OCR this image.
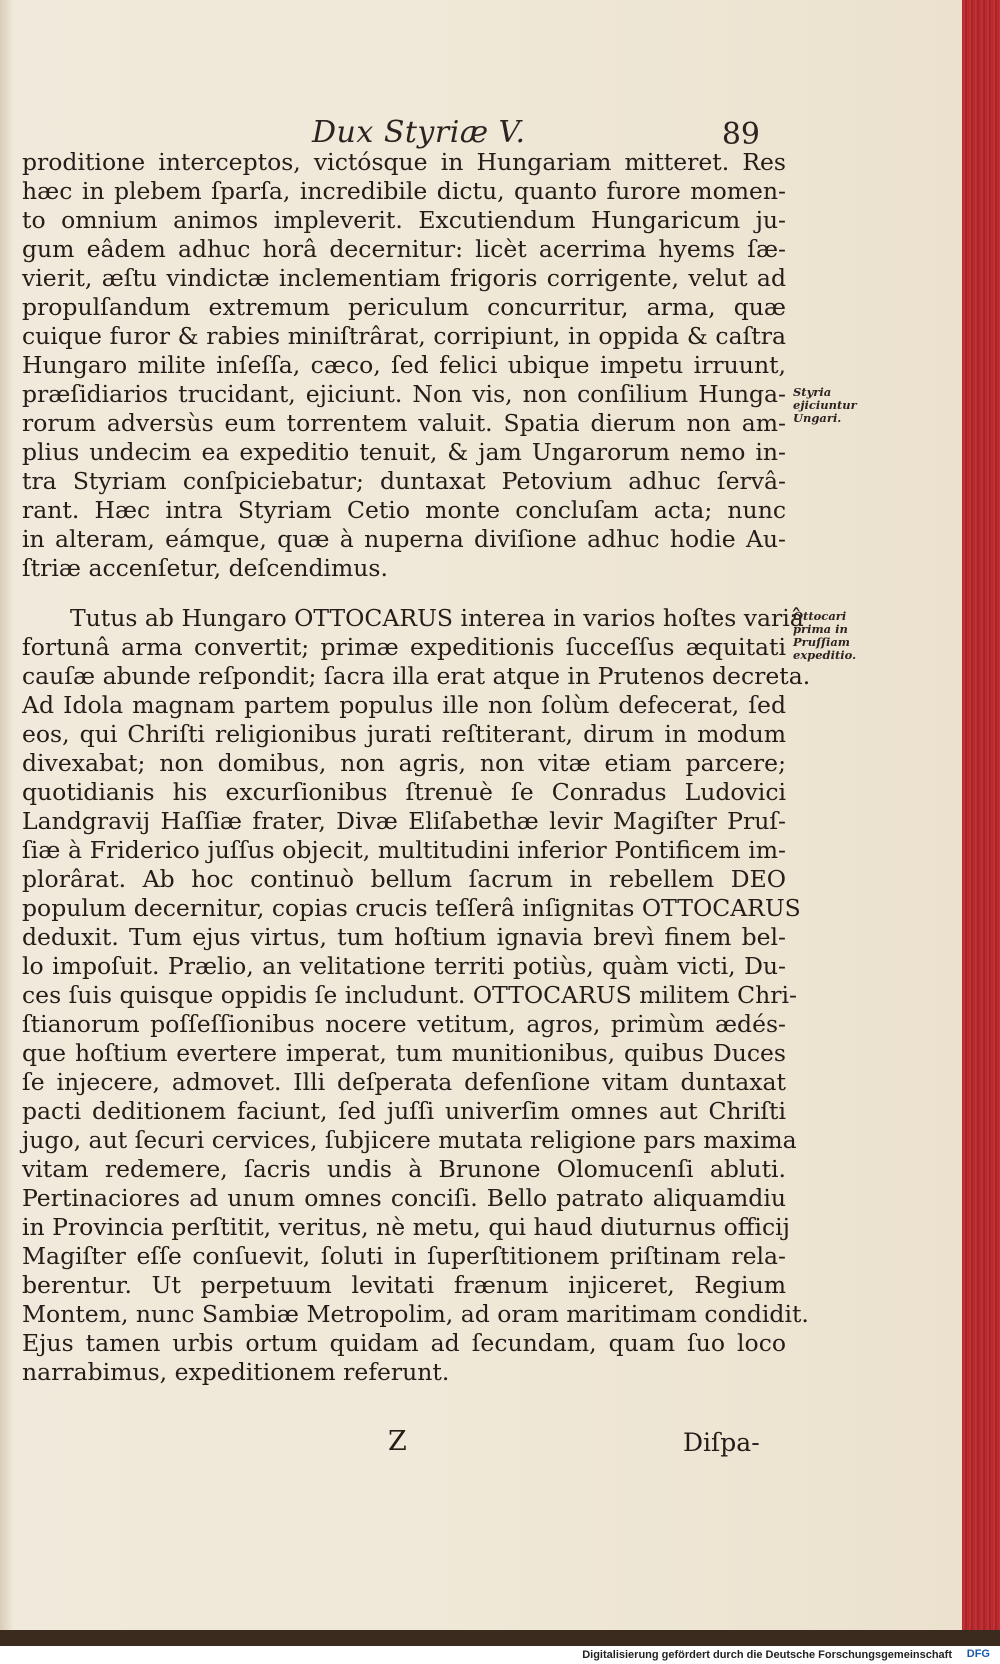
Dux Styriæ V.	89
proditione interceptos, victósque in Hungariam mitteret. Res
hæc in plebem ſparſa, incredibile dictu, quanto furore momen-
to omnium animos impleverit. Excutiendum Hungaricum ju-
gum eâdem adhuc horâ decernitur: licèt acerrima hyems ſæ-
vierit, æſtu vindictæ inclementiam frigoris corrigente, velut ad
propulſandum extremum periculum concurritur, arma, quæ
cuique furor & rabies miniſtrârat, corripiunt, in oppida & caſtra
Hungaro milite inſeſſa, cæco, ſed felici ubique impetu irruunt,
præſidiarios trucidant, ejiciunt. Non vis, non conſilium Hunga-
rorum adversùs eum torrentem valuit. Spatia dierum non am-
plius undecim ea expeditio tenuit, & jam Ungarorum nemo in-
tra Styriam conſpiciebatur; duntaxat Petovium adhuc ſervâ-
rant. Hæc intra Styriam Cetio monte concluſam acta; nunc
in alteram, eámque, quæ à nuperna diviſione adhuc hodie Au-
ſtriæ accenſetur, deſcendimus.
Tutus ab Hungaro OTTOCARUS interea in varios hoſtes variâ
fortunâ arma convertit; primæ expeditionis ſucceſſus æquitati
cauſæ abunde reſpondit; ſacra illa erat atque in Prutenos decreta.
Ad Idola magnam partem populus ille non ſolùm defecerat, ſed
eos, qui Chriſti religionibus jurati reſtiterant, dirum in modum
divexabat; non domibus, non agris, non vitæ etiam parcere;
quotidianis his excurſionibus ſtrenuè ſe Conradus Ludovici
Landgravij Haſſiæ frater, Divæ Eliſabethæ levir Magiſter Pruſ-
ſiæ à Friderico juſſus objecit, multitudini inferior Pontificem im-
plorârat. Ab hoc continuò bellum ſacrum in rebellem DEO
populum decernitur, copias crucis teſſerâ inſignitas OTTOCARUS
deduxit. Tum ejus virtus, tum hoſtium ignavia brevì finem bel-
lo impoſuit. Prælio, an velitatione territi potiùs, quàm victi, Du-
ces ſuis quisque oppidis ſe includunt. OTTOCARUS militem Chri-
ſtianorum poſſeſſionibus nocere vetitum, agros, primùm ædés-
que hoſtium evertere imperat, tum munitionibus, quibus Duces
ſe injecere, admovet. Illi deſperata defenſione vitam duntaxat
pacti deditionem faciunt, ſed juſſi univerſim omnes aut Chriſti
jugo, aut ſecuri cervices, ſubjicere mutata religione pars maxima
vitam redemere, ſacris undis à Brunone Olomucenſi abluti.
Pertinaciores ad unum omnes conciſi. Bello patrato aliquamdiu
in Provincia perſtitit, veritus, nè metu, qui haud diuturnus officij
Magiſter eſſe conſuevit, ſoluti in ſuperſtitionem priſtinam rela-
berentur. Ut perpetuum levitati frænum injiceret, Regium
Montem, nunc Sambiæ Metropolim, ad oram maritimam condidit.
Ejus tamen urbis ortum quidam ad ſecundam, quam ſuo loco
narrabimus, expeditionem referunt.
Styria
ejiciuntur
Ungari.
Ottocari
prima in
Pruſſiam
expeditio.
Z	Diſpa-
Digitalisierung gefördert durch die Deutsche Forschungsgemeinschaft DFG
